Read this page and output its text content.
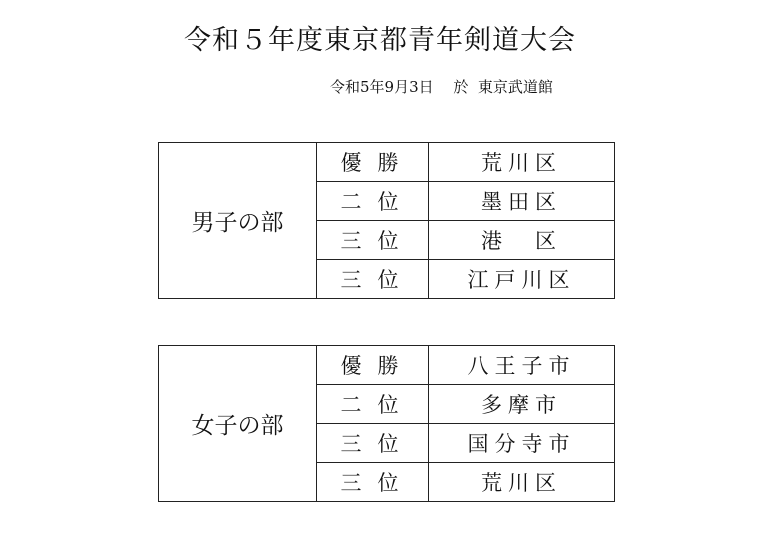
令和５年度東京都青年剣道大会
令和5年9月3日　 於  東京武道館
男子の部	優勝	荒川区
	二位	墨田区
	三位	港　区
	三位	江戸川区
女子の部	優勝	八王子市
	二位	多摩市
	三位	国分寺市
	三位	荒川区
